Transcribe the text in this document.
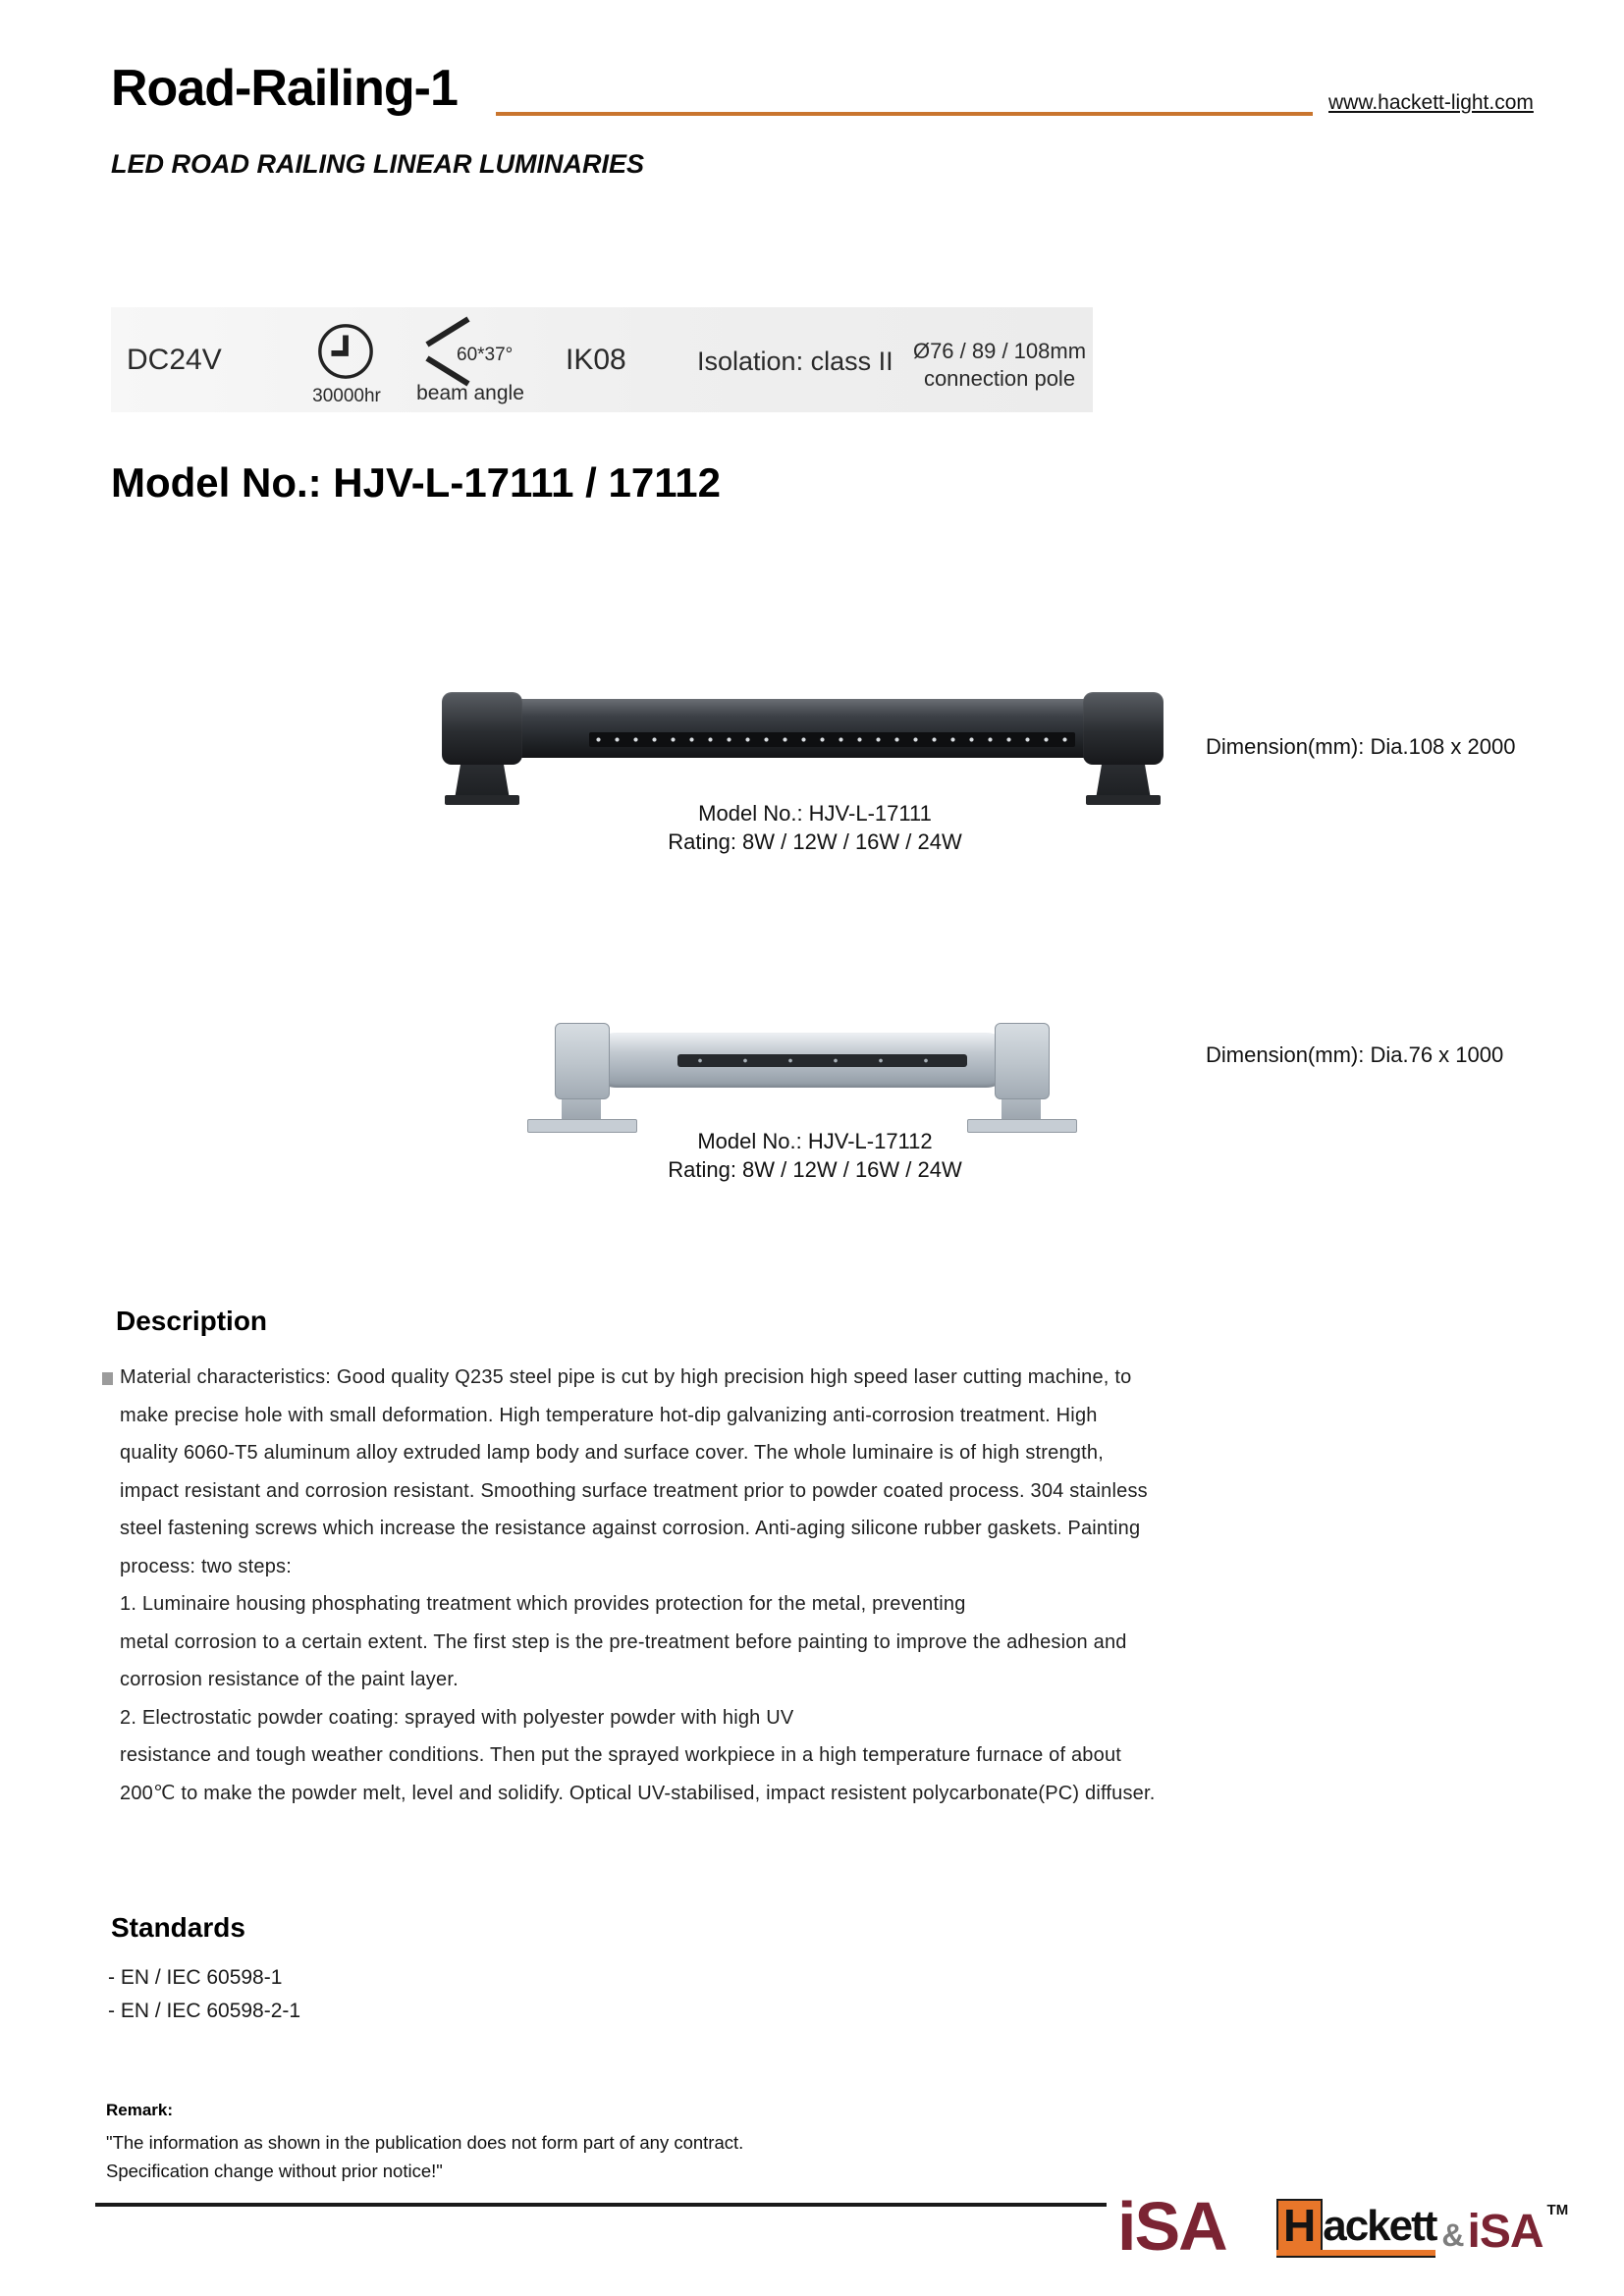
Road-Railing-1	www.hackett-light.com
LED ROAD RAILING LINEAR LUMINARIES
DC24V
30000hr
60*37°
beam angle
IK08	Isolation: class II Ø76 / 89 / 108mm
connection pole
Model No.: HJV-L-17111 / 17112
Model No.: HJV-L-17111
Rating: 8W / 12W / 16W / 24W
Dimension(mm): Dia.108 x 2000
Model No.: HJV-L-17112
Rating: 8W / 12W / 16W / 24W
Dimension(mm): Dia.76 x 1000
Description
Material characteristics: Good quality Q235 steel pipe is cut by high precision high speed laser cutting machine, to
make precise hole with small deformation. High temperature hot-dip galvanizing anti-corrosion treatment. High
quality 6060-T5 aluminum alloy extruded lamp body and surface cover. The whole luminaire is of high strength,
impact resistant and corrosion resistant. Smoothing surface treatment prior to powder coated process. 304 stainless
steel fastening screws which increase the resistance against corrosion. Anti-aging silicone rubber gaskets. Painting
process: two steps:
1. Luminaire housing phosphating treatment which provides protection for the metal, preventing
metal corrosion to a certain extent. The first step is the pre-treatment before painting to improve the adhesion and
corrosion resistance of the paint layer.
2. Electrostatic powder coating: sprayed with polyester powder with high UV
resistance and tough weather conditions. Then put the sprayed workpiece in a high temperature furnace of about
200℃ to make the powder melt, level and solidify. Optical UV-stabilised, impact resistent polycarbonate(PC) diffuser.
Standards
- EN / IEC 60598-1
- EN / IEC 60598-2-1
Remark:
"The information as shown in the publication does not form part of any contract.
Specification change without prior notice!"
iSA H ackett & iSA TM
